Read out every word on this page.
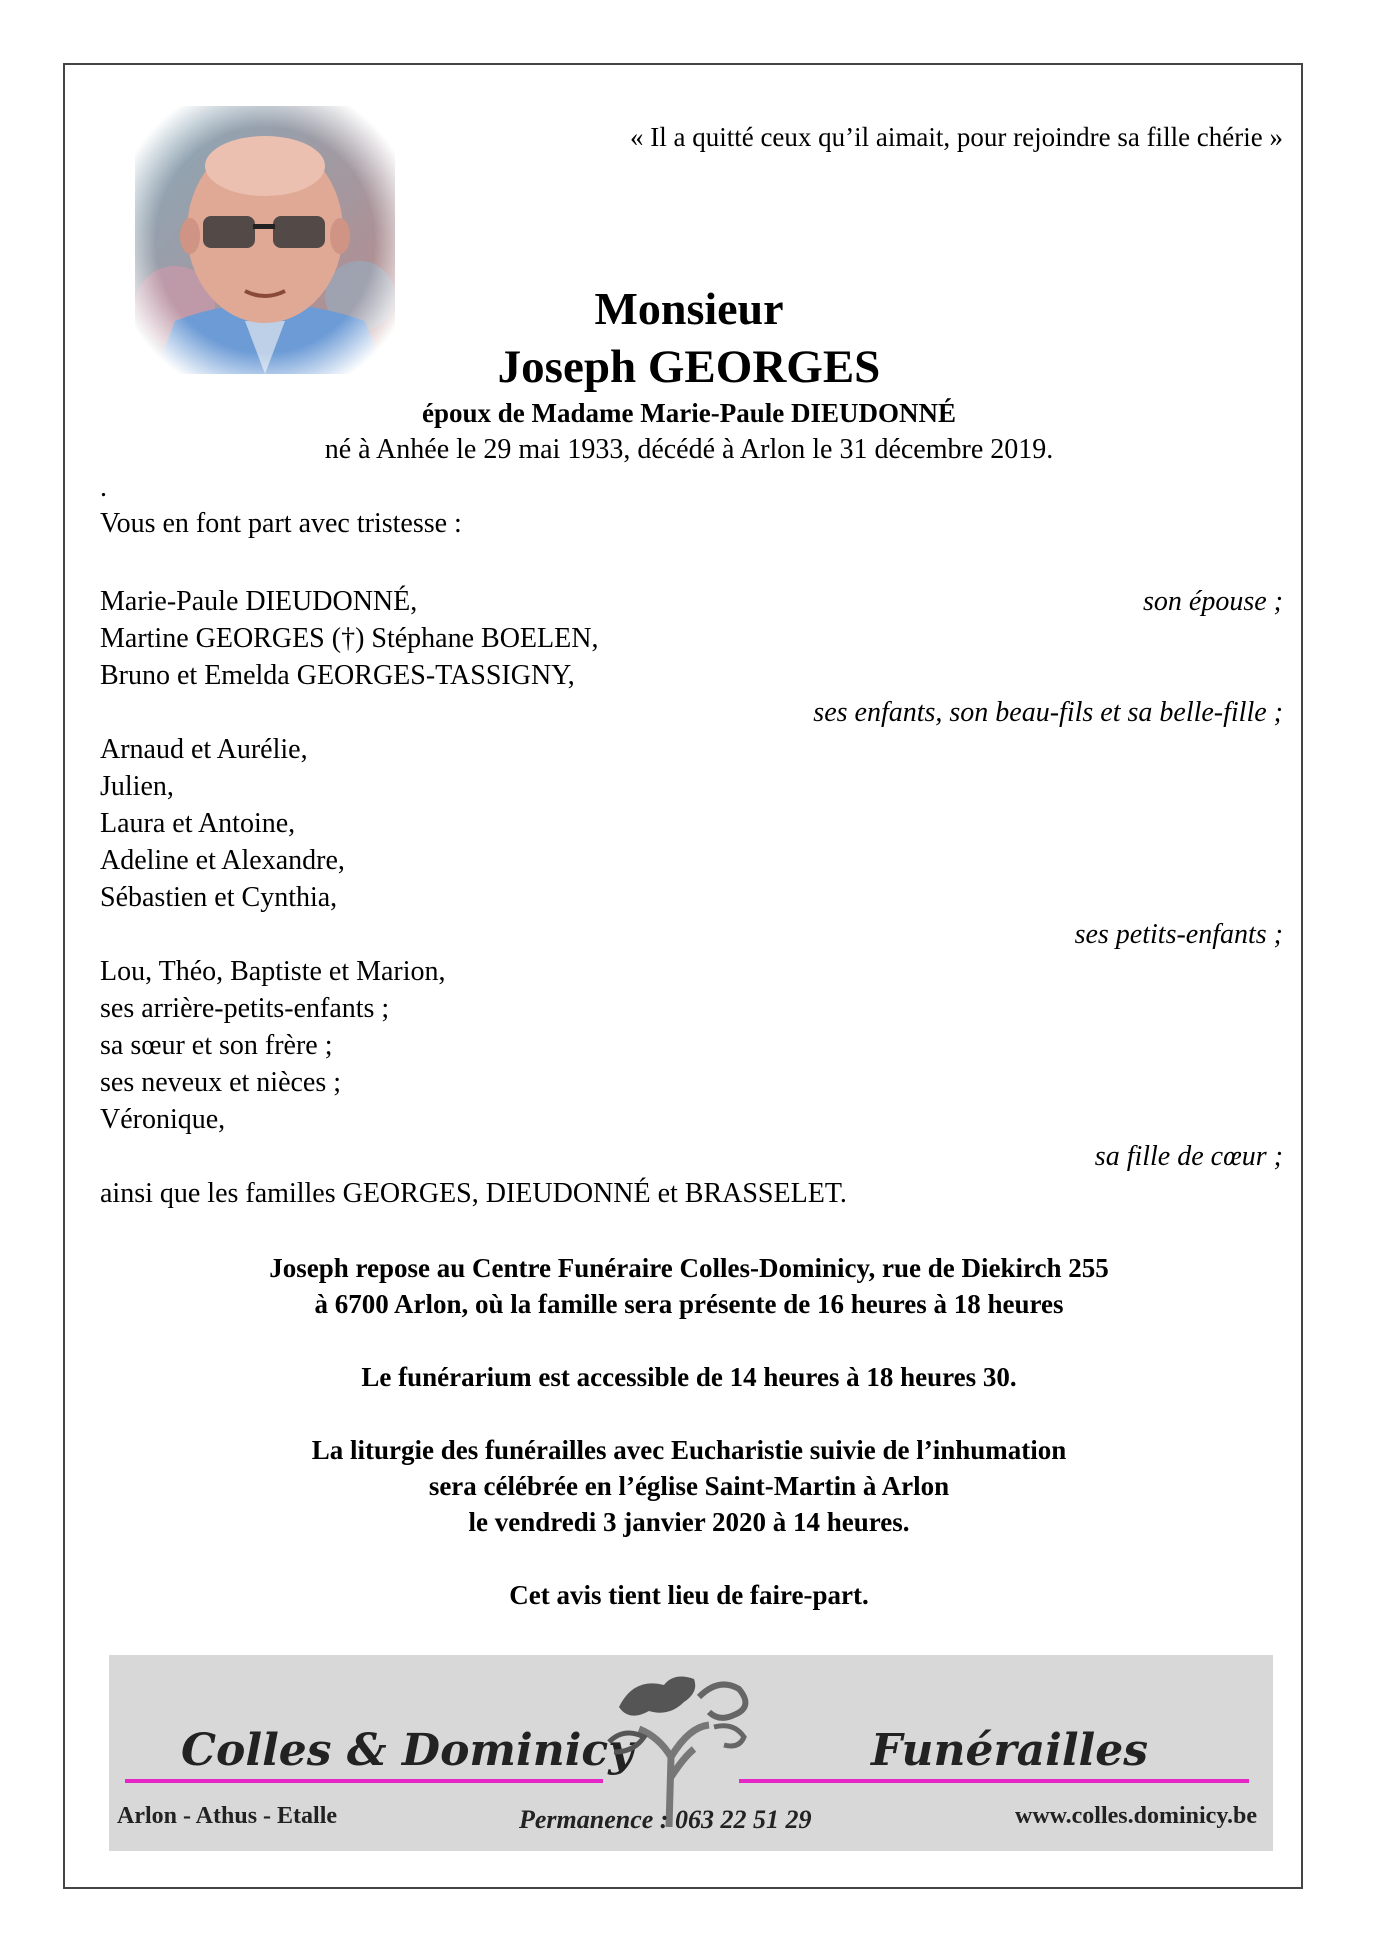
« Il a quitté ceux qu’il aimait, pour rejoindre sa fille chérie »
Monsieur
Joseph GEORGES
époux de Madame Marie-Paule DIEUDONNÉ
né à Anhée le 29 mai 1933, décédé à Arlon le 31 décembre 2019.
.
Vous en font part avec tristesse :
Marie-Paule DIEUDONNÉ,	son épouse ;
Martine GEORGES (†) Stéphane BOELEN,
Bruno et Emelda GEORGES-TASSIGNY,
ses enfants, son beau-fils et sa belle-fille ;
Arnaud et Aurélie,
Julien,
Laura et Antoine,
Adeline et Alexandre,
Sébastien et Cynthia,
ses petits-enfants ;
Lou, Théo, Baptiste et Marion,
ses arrière-petits-enfants ;
sa sœur et son frère ;
ses neveux et nièces ;
Véronique,
sa fille de cœur ;
ainsi que les familles GEORGES, DIEUDONNÉ et BRASSELET.
Joseph repose au Centre Funéraire Colles-Dominicy, rue de Diekirch 255
à 6700 Arlon, où la famille sera présente de 16 heures à 18 heures
Le funérarium est accessible de 14 heures à 18 heures 30.
La liturgie des funérailles avec Eucharistie suivie de l’inhumation
sera célébrée en l’église Saint-Martin à Arlon
le vendredi 3 janvier 2020 à 14 heures.
Cet avis tient lieu de faire-part.
Colles & Dominicy	Funérailles
Arlon - Athus - Etalle	Permanence : 063 22 51 29	www.colles.dominicy.be
